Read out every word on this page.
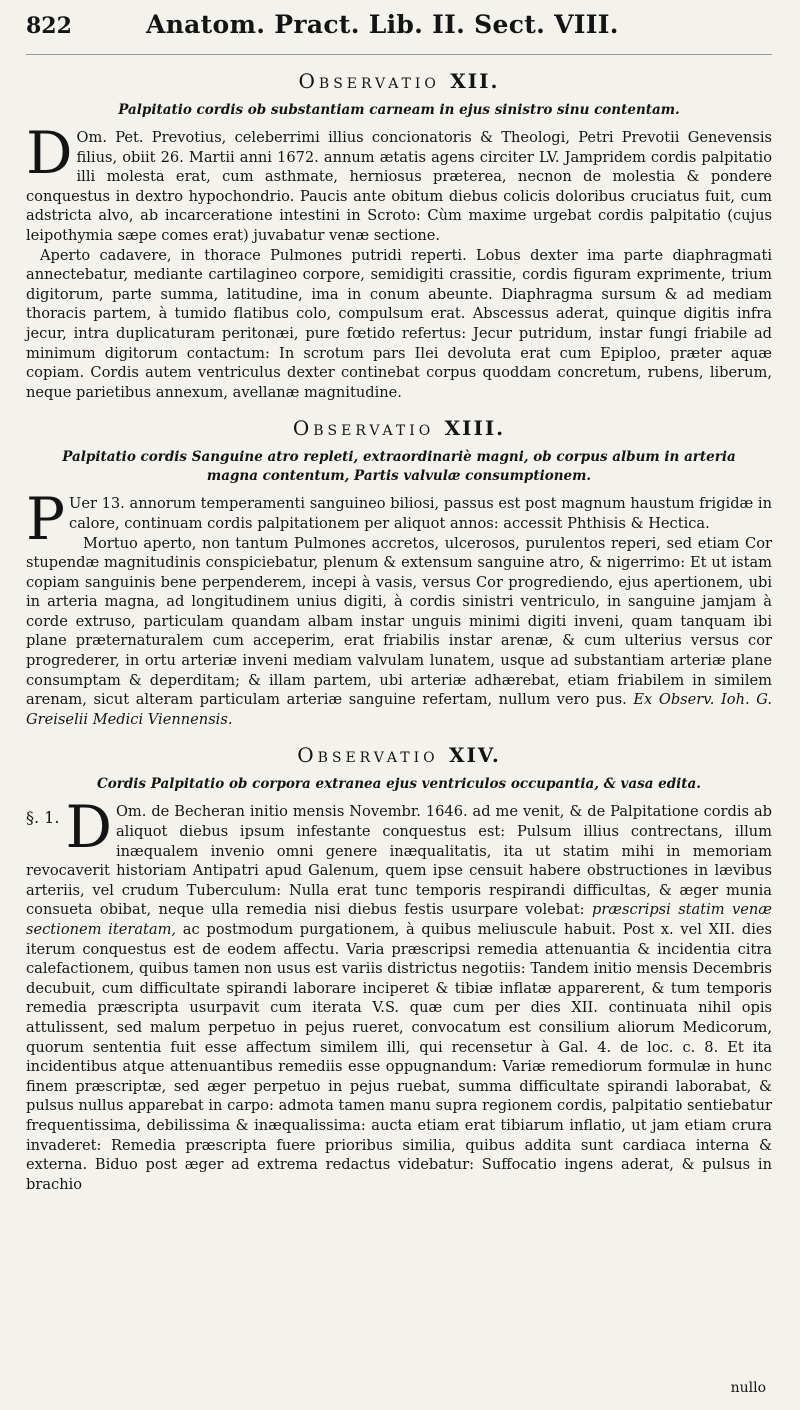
822	Anatom. Pract. Lib. II. Sect. VIII.
Observatio XII.
Palpitatio cordis ob substantiam carneam in ejus sinistro sinu contentam.

D Om. Pet. Prevotius, celeberrimi illius concionatoris & Theologi, Petri Prevotii Genevensis filius, obiit 26. Martii anni 1672. annum ætatis agens circiter LV. Jampridem cordis palpitatio illi molesta erat, cum asthmate, herniosus præterea, necnon de molestia & pondere conquestus in dextro hypochondrio. Paucis ante obitum diebus colicis doloribus cruciatus fuit, cum adstricta alvo, ab incarceratione intestini in Scroto: Cùm maxime urgebat cordis palpitatio (cujus leipothymia sæpe comes erat) juvabatur venæ sectione.

Aperto cadavere, in thorace Pulmones putridi reperti. Lobus dexter ima parte diaphragmati annectebatur, mediante cartilagineo corpore, semidigiti crassitie, cordis figuram exprimente, trium digitorum, parte summa, latitudine, ima in conum abeunte. Diaphragma sursum & ad mediam thoracis partem, à tumido flatibus colo, compulsum erat. Abscessus aderat, quinque digitis infra jecur, intra duplicaturam peritonæi, pure fœtido refertus: Jecur putridum, instar fungi friabile ad minimum digitorum contactum: In scrotum pars Ilei devoluta erat cum Epiploo, præter aquæ copiam. Cordis autem ventriculus dexter continebat corpus quoddam concretum, rubens, liberum, neque parietibus annexum, avellanæ magnitudine.

Observatio XIII.
Palpitatio cordis Sanguine atro repleti, extraordinariè magni, ob corpus album in arteria magna contentum, Partis valvulæ consumptionem.

P Uer 13. annorum temperamenti sanguineo biliosi, passus est post magnum haustum frigidæ in calore, continuam cordis palpitationem per aliquot annos: accessit Phthisis & Hectica.

Mortuo aperto, non tantum Pulmones accretos, ulcerosos, purulentos reperi, sed etiam Cor stupendæ magnitudinis conspiciebatur, plenum & extensum sanguine atro, & nigerrimo: Et ut istam copiam sanguinis bene perpenderem, incepi à vasis, versus Cor progrediendo, ejus apertionem, ubi in arteria magna, ad longitudinem unius digiti, à cordis sinistri ventriculo, in sanguine jamjam à corde extruso, particulam quandam albam instar unguis minimi digiti inveni, quam tanquam ibi plane præternaturalem cum acceperim, erat friabilis instar arenæ, & cum ulterius versus cor progrederer, in ortu arteriæ inveni mediam valvulam lunatem, usque ad substantiam arteriæ plane consumptam & deperditam; & illam partem, ubi arteriæ adhærebat, etiam friabilem in similem arenam, sicut alteram particulam arteriæ sanguine refertam, nullum vero pus. Ex Observ. Ioh. G. Greiselii Medici Viennensis.

Observatio XIV.
Cordis Palpitatio ob corpora extranea ejus ventriculos occupantia, & vasa edita.

§. 1. D Om. de Becheran initio mensis Novembr. 1646. ad me venit, & de Palpitatione cordis ab aliquot diebus ipsum infestante conquestus est: Pulsum illius contrectans, illum inæqualem invenio omni genere inæqualitatis, ita ut statim mihi in memoriam revocaverit historiam Antipatri apud Galenum, quem ipse censuit habere obstructiones in lævibus arteriis, vel crudum Tuberculum: Nulla erat tunc temporis respirandi difficultas, & æger munia consueta obibat, neque ulla remedia nisi diebus festis usurpare volebat: præscripsi statim venæ sectionem iteratam, ac postmodum purgationem, à quibus meliuscule habuit. Post x. vel XII. dies iterum conquestus est de eodem affectu. Varia præscripsi remedia attenuantia & incidentia citra calefactionem, quibus tamen non usus est variis districtus negotiis: Tandem initio mensis Decembris decubuit, cum difficultate spirandi laborare inciperet & tibiæ inflatæ apparerent, & tum temporis remedia præscripta usurpavit cum iterata V.S. quæ cum per dies XII. continuata nihil opis attulissent, sed malum perpetuo in pejus rueret, convocatum est consilium aliorum Medicorum, quorum sententia fuit esse affectum similem illi, qui recensetur à Gal. 4. de loc. c. 8. Et ita incidentibus atque attenuantibus remediis esse oppugnandum: Variæ remediorum formulæ in hunc finem præscriptæ, sed æger perpetuo in pejus ruebat, summa difficultate spirandi laborabat, & pulsus nullus apparebat in carpo: admota tamen manu supra regionem cordis, palpitatio sentiebatur frequentissima, debilissima & inæqualissima: aucta etiam erat tibiarum inflatio, ut jam etiam crura invaderet: Remedia præscripta fuere prioribus similia, quibus addita sunt cardiaca interna & externa. Biduo post æger ad extrema redactus videbatur: Suffocatio ingens aderat, & pulsus in brachio

nullo
